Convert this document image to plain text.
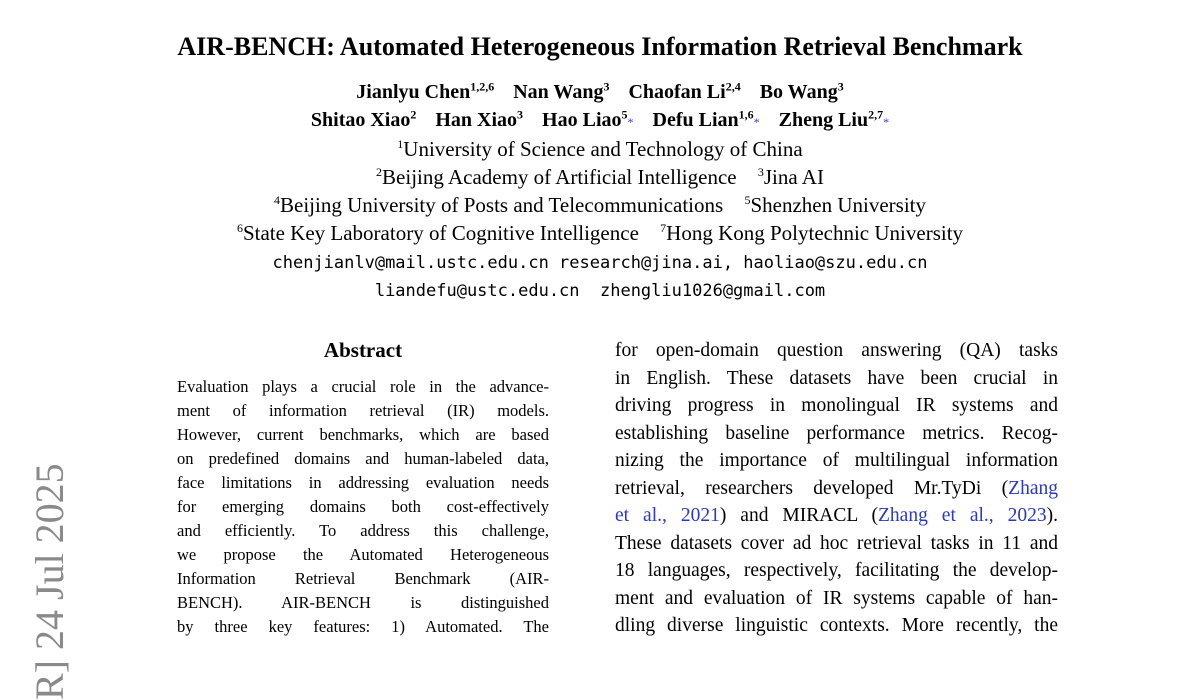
AIR-BENCH: Automated Heterogeneous Information Retrieval Benchmark
Jianlyu Chen$^{1,2,6}$ Nan Wang$^3$ Chaofan Li$^{2,4}$ Bo Wang$^3$
Shitao Xiao$^2$ Han Xiao$^3$ Hao Liao$^5$* Defu Lian$^{1,6}$* Zheng Liu$^{2,7}$*
$^1$University of Science and Technology of China
$^2$Beijing Academy of Artificial Intelligence $^3$Jina AI
$^4$Beijing University of Posts and Telecommunications $^5$Shenzhen University
$^6$State Key Laboratory of Cognitive Intelligence $^7$Hong Kong Polytechnic University
chenjianlv@mail.ustc.edu.cn research@jina.ai, haoliao@szu.edu.cn
liandefu@ustc.edu.cn  zhengliu1026@gmail.com
Abstract
Evaluation plays a crucial role in the advance-
ment of information retrieval (IR) models.
However, current benchmarks, which are based
on predefined domains and human-labeled data,
face limitations in addressing evaluation needs
for emerging domains both cost-effectively
and efficiently. To address this challenge,
we propose the Automated Heterogeneous
Information Retrieval Benchmark (AIR-
BENCH). AIR-BENCH is distinguished
by three key features: 1) Automated. The
for open-domain question answering (QA) tasks
in English. These datasets have been crucial in
driving progress in monolingual IR systems and
establishing baseline performance metrics. Recog-
nizing the importance of multilingual information
retrieval, researchers developed Mr.TyDi (Zhang
et al., 2021) and MIRACL (Zhang et al., 2023).
These datasets cover ad hoc retrieval tasks in 11 and
18 languages, respectively, facilitating the develop-
ment and evaluation of IR systems capable of han-
dling diverse linguistic contexts. More recently, the
R] 24 Jul 2025
